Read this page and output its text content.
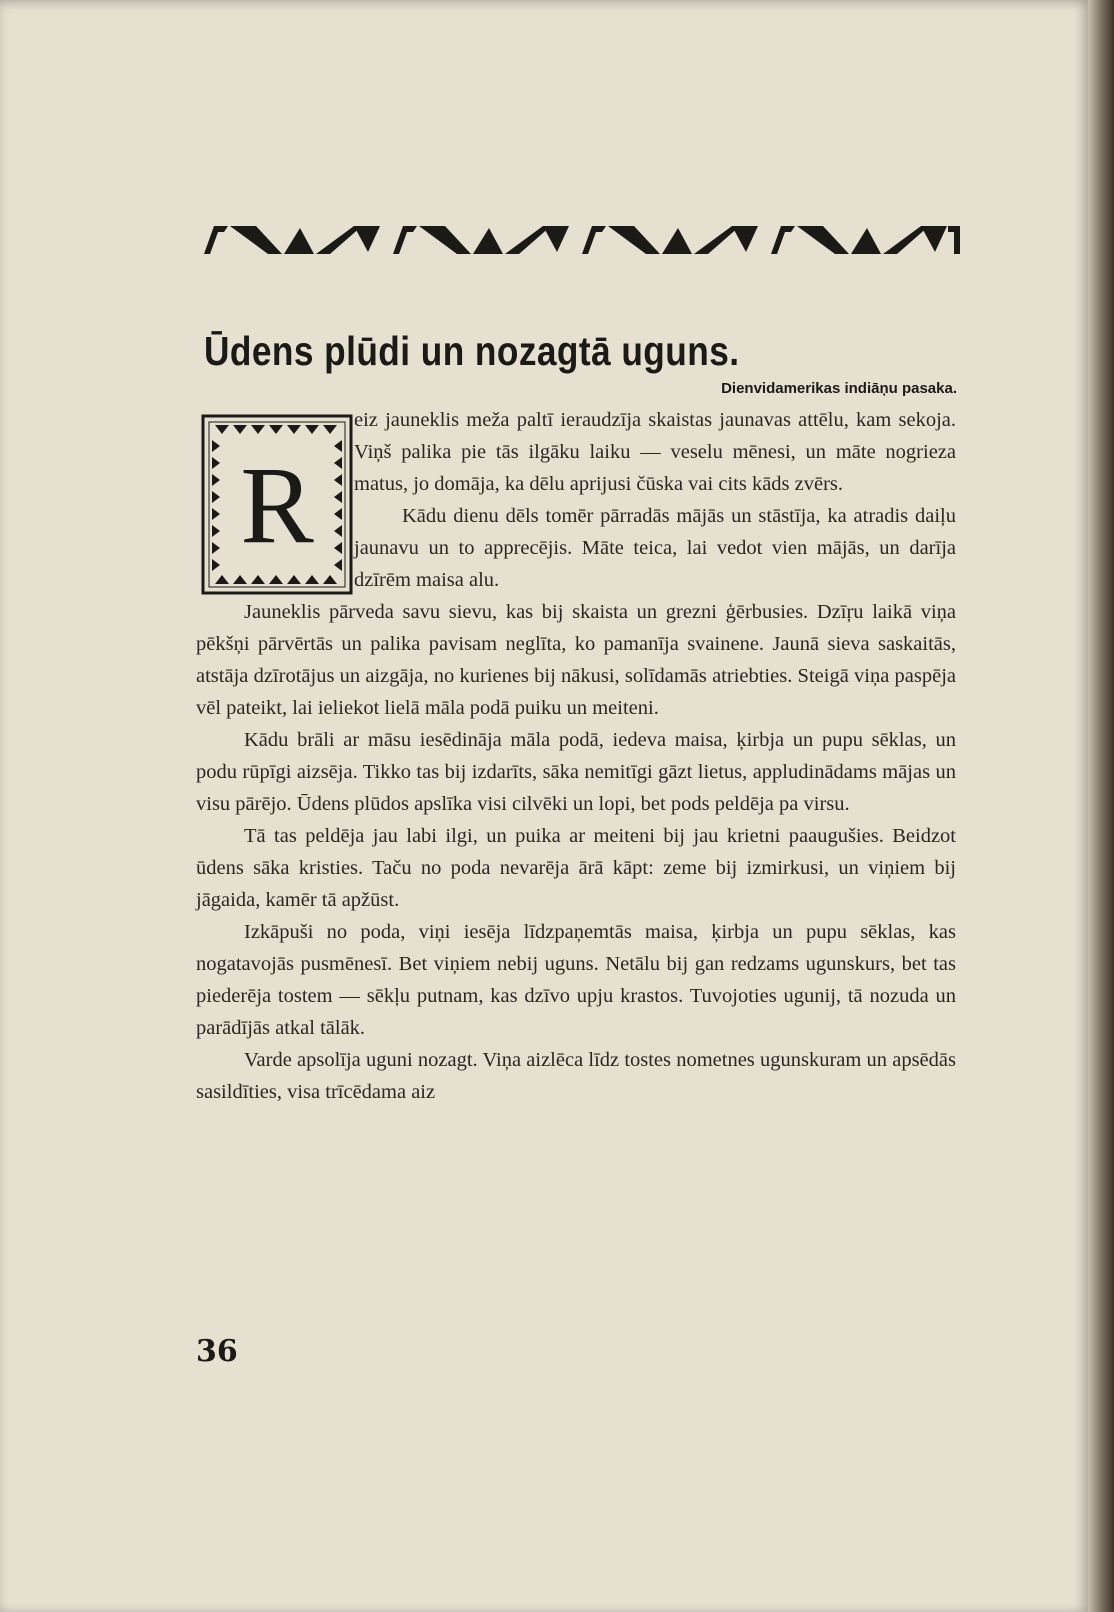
Ūdens plūdi un nozagtā uguns.
Dienvidamerikas indiāņu pasaka.
R

eiz jauneklis meža paltī ieraudzīja skaistas jaunavas attēlu, kam sekoja. Viņš palika pie tās ilgāku laiku — veselu mēnesi, un māte nogrieza matus, jo domāja, ka dēlu aprijusi čūska vai cits kāds zvērs.

Kādu dienu dēls tomēr pārradās mājās un stāstīja, ka atradis daiļu jaunavu un to apprecējis. Māte teica, lai vedot vien mājās, un darīja dzīrēm maisa alu.

Jauneklis pārveda savu sievu, kas bij skaista un grezni ģērbusies. Dzīŗu laikā viņa pēkšņi pārvērtās un palika pavisam neglīta, ko pamanīja svainene. Jaunā sieva saskaitās, atstāja dzīrotājus un aizgāja, no kurienes bij nākusi, solīdamās atriebties. Steigā viņa paspēja vēl pateikt, lai ieliekot lielā māla podā puiku un meiteni.

Kādu brāli ar māsu iesēdināja māla podā, iedeva maisa, ķirbja un pupu sēklas, un podu rūpīgi aizsēja. Tikko tas bij izdarīts, sāka nemitīgi gāzt lietus, appludinādams mājas un visu pārējo. Ūdens plūdos apslīka visi cilvēki un lopi, bet pods peldēja pa virsu.

Tā tas peldēja jau labi ilgi, un puika ar meiteni bij jau krietni paaugušies. Beidzot ūdens sāka kristies. Taču no poda nevarēja ārā kāpt: zeme bij izmirkusi, un viņiem bij jāgaida, kamēr tā apžūst.

Izkāpuši no poda, viņi iesēja līdzpaņemtās maisa, ķirbja un pupu sēklas, kas nogatavojās pusmēnesī. Bet viņiem nebij uguns. Netālu bij gan redzams ugunskurs, bet tas piederēja tostem — sēkļu putnam, kas dzīvo upju krastos. Tuvojoties ugunij, tā nozuda un parādījās atkal tālāk.

Varde apsolīja uguni nozagt. Viņa aizlēca līdz tostes nometnes ugunskuram un apsēdās sasildīties, visa trīcēdama aiz

36
